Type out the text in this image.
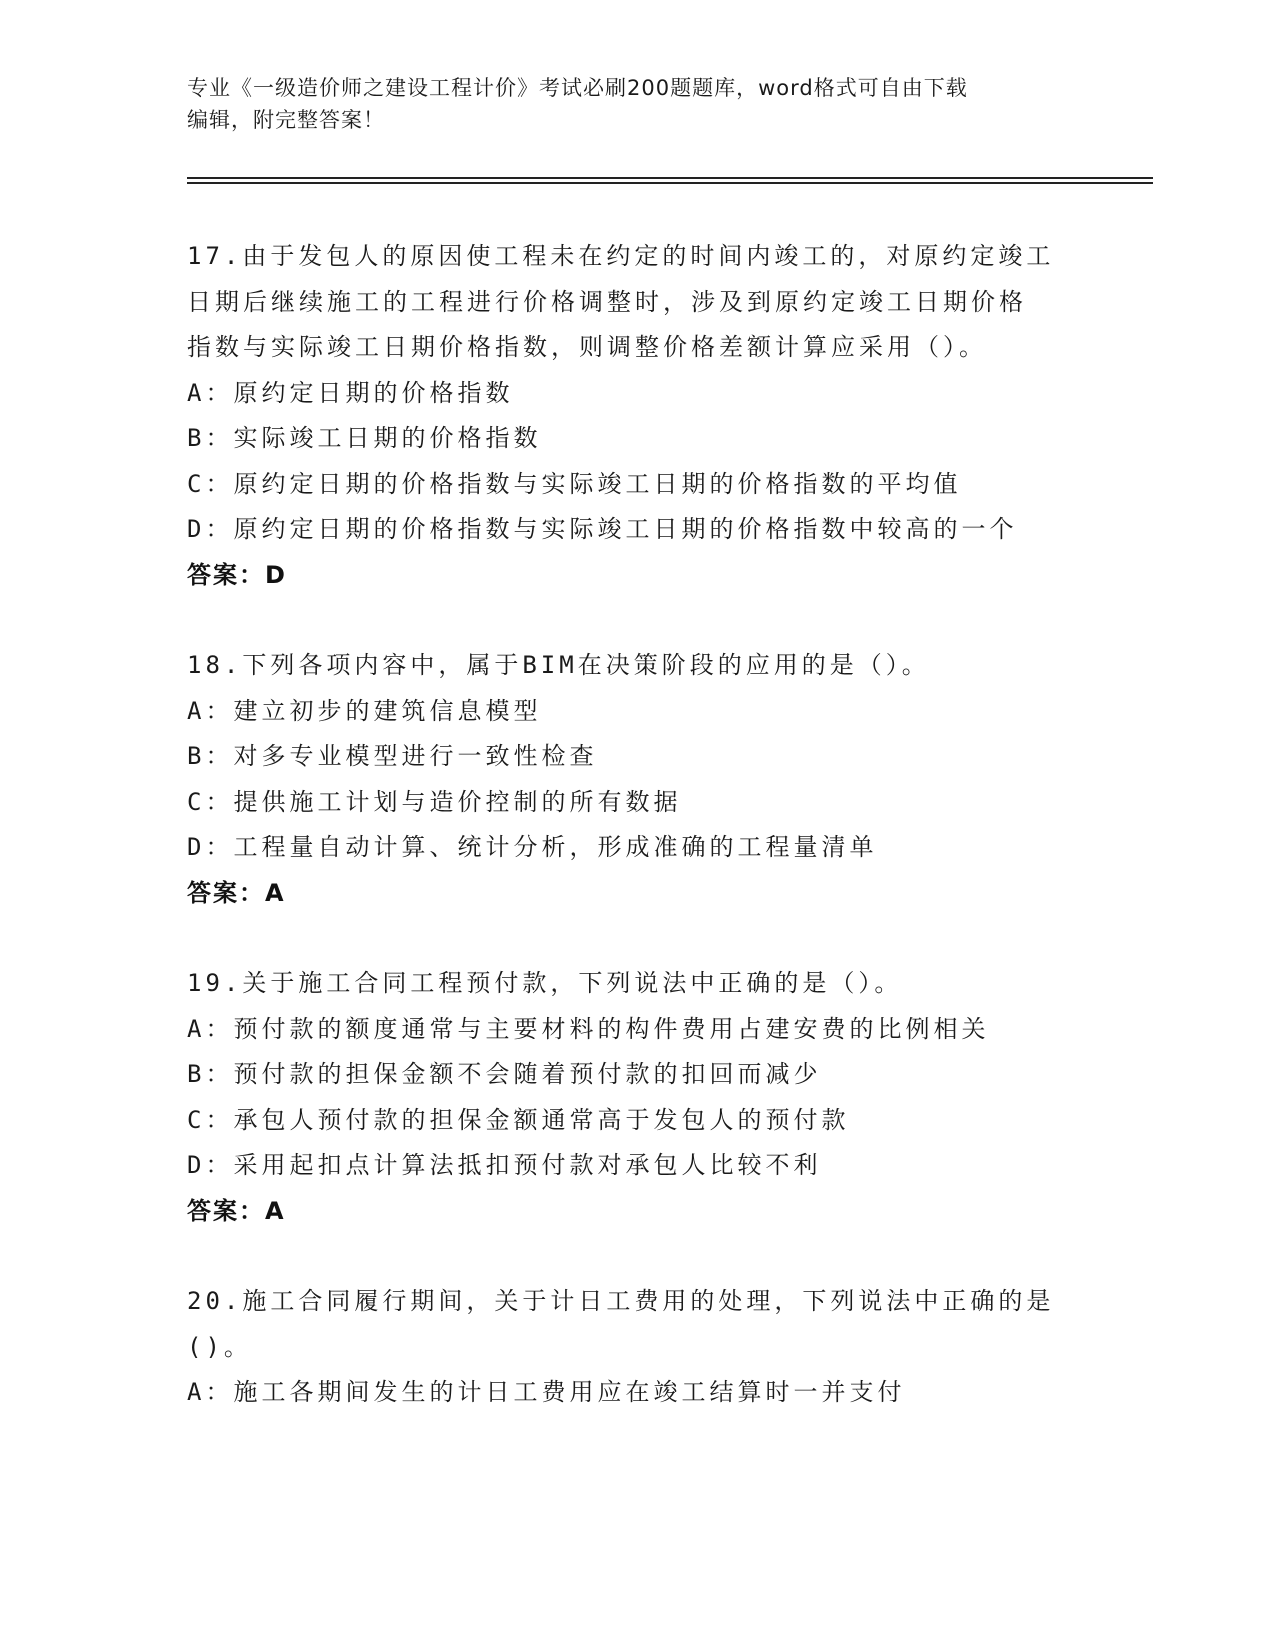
专业《一级造价师之建设工程计价》考试必刷200题题库，word格式可自由下载
编辑，附完整答案！
17.由于发包人的原因使工程未在约定的时间内竣工的，对原约定竣工
日期后继续施工的工程进行价格调整时，涉及到原约定竣工日期价格
指数与实际竣工日期价格指数，则调整价格差额计算应采用（）。
A：原约定日期的价格指数
B：实际竣工日期的价格指数
C：原约定日期的价格指数与实际竣工日期的价格指数的平均值
D：原约定日期的价格指数与实际竣工日期的价格指数中较高的一个
答案：D
18.下列各项内容中，属于BIM在决策阶段的应用的是（）。
A：建立初步的建筑信息模型
B：对多专业模型进行一致性检查
C：提供施工计划与造价控制的所有数据
D：工程量自动计算、统计分析，形成准确的工程量清单
答案：A
19.关于施工合同工程预付款，下列说法中正确的是（）。
A：预付款的额度通常与主要材料的构件费用占建安费的比例相关
B：预付款的担保金额不会随着预付款的扣回而减少
C：承包人预付款的担保金额通常高于发包人的预付款
D：采用起扣点计算法抵扣预付款对承包人比较不利
答案：A
20.施工合同履行期间，关于计日工费用的处理，下列说法中正确的是
()。
A：施工各期间发生的计日工费用应在竣工结算时一并支付
